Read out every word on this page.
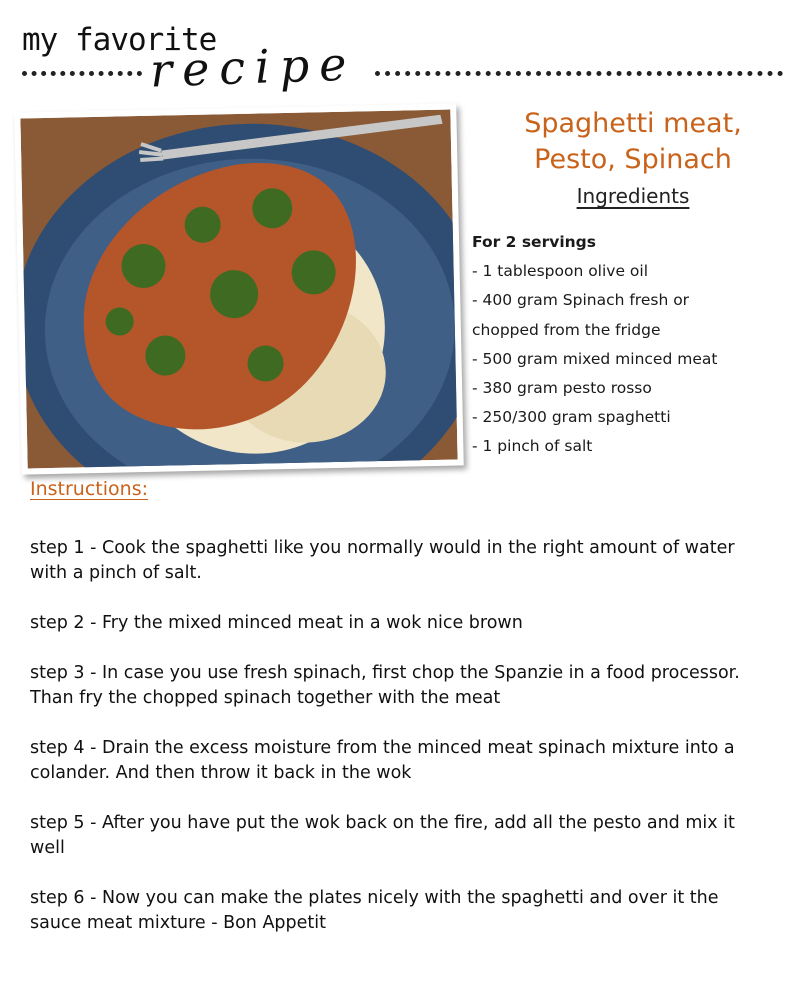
my favorite
recipe
Spaghetti meat,
Pesto, Spinach
Ingredients
For 2 servings
- 1 tablespoon olive oil
- 400 gram Spinach fresh or
chopped from the fridge
- 500 gram mixed minced meat
- 380 gram pesto rosso
- 250/300 gram spaghetti
- 1 pinch of salt
Instructions:

step 1 - Cook the spaghetti like you normally would in the right amount of water with a pinch of salt.

step 2 - Fry the mixed minced meat in a wok nice brown

step 3 - In case you use fresh spinach, first chop the Spanzie in a food processor. Than fry the chopped spinach together with the meat

step 4 - Drain the excess moisture from the minced meat spinach mixture into a colander. And then throw it back in the wok

step 5 - After you have put the wok back on the fire, add all the pesto and mix it well

step 6 - Now you can make the plates nicely with the spaghetti and over it the sauce meat mixture - Bon Appetit
